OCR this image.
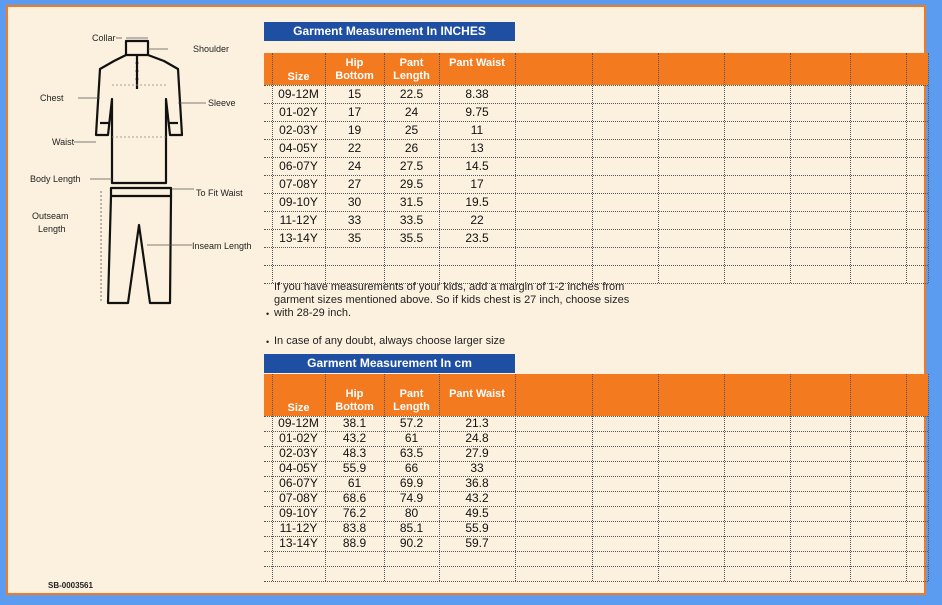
Collar
Shoulder
Chest	Sleeve
Waist
Body Length
To Fit Waist
Outseam
Length
Inseam Length
Garment Measurement In INCHES
Size
Hip Bottom
Pant Length
Pant Waist
09-12M	15	22.5	8.38
01-02Y	17	24	9.75
02-03Y	19	25	11
04-05Y	22	26	13
06-07Y	24	27.5	14.5
07-08Y	27	29.5	17
09-10Y	30	31.5	19.5
11-12Y	33	33.5	22
13-14Y	35	35.5	23.5
If you have measurements of your kids, add a margin of 1-2 inches from
garment sizes mentioned above. So if kids chest is 27 inch, choose sizes
with 28-29 inch.
•
In case of any doubt, always choose larger size
•
Garment Measurement In cm
Size
Hip Bottom
Pant Length
Pant Waist
09-12M	38.1	57.2	21.3
01-02Y	43.2	61	24.8
02-03Y	48.3	63.5	27.9
04-05Y	55.9	66	33
06-07Y	61	69.9	36.8
07-08Y	68.6	74.9	43.2
09-10Y	76.2	80	49.5
11-12Y	83.8	85.1	55.9
13-14Y	88.9	90.2	59.7
SB-0003561
